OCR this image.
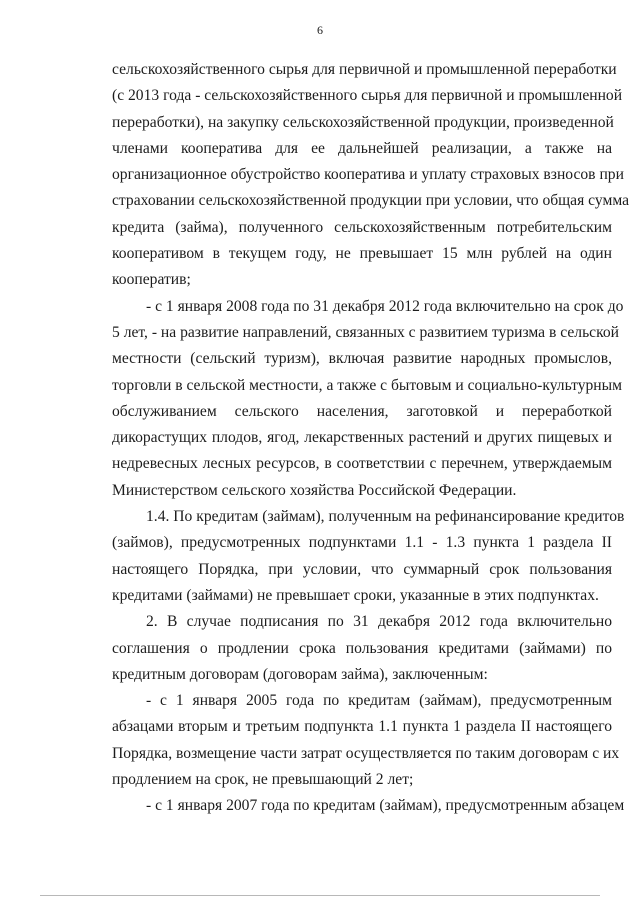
6
сельскохозяйственного сырья для первичной и промышленной переработки
(с 2013 года - сельскохозяйственного сырья для первичной и промышленной
переработки), на закупку сельскохозяйственной продукции, произведенной
членами кооператива для ее дальнейшей реализации, а также на
организационное обустройство кооператива и уплату страховых взносов при
страховании сельскохозяйственной продукции при условии, что общая сумма
кредита (займа), полученного сельскохозяйственным потребительским
кооперативом в текущем году, не превышает 15 млн рублей на один
кооператив;
- с 1 января 2008 года по 31 декабря 2012 года включительно на срок до
5 лет, - на развитие направлений, связанных с развитием туризма в сельской
местности (сельский туризм), включая развитие народных промыслов,
торговли в сельской местности, а также с бытовым и социально-культурным
обслуживанием сельского населения, заготовкой и переработкой
дикорастущих плодов, ягод, лекарственных растений и других пищевых и
недревесных лесных ресурсов, в соответствии с перечнем, утверждаемым
Министерством сельского хозяйства Российской Федерации.
1.4. По кредитам (займам), полученным на рефинансирование кредитов
(займов), предусмотренных подпунктами 1.1 - 1.3 пункта 1 раздела II
настоящего Порядка, при условии, что суммарный срок пользования
кредитами (займами) не превышает сроки, указанные в этих подпунктах.
2. В случае подписания по 31 декабря 2012 года включительно
соглашения о продлении срока пользования кредитами (займами) по
кредитным договорам (договорам займа), заключенным:
- с 1 января 2005 года по кредитам (займам), предусмотренным
абзацами вторым и третьим подпункта 1.1 пункта 1 раздела II настоящего
Порядка, возмещение части затрат осуществляется по таким договорам с их
продлением на срок, не превышающий 2 лет;
- с 1 января 2007 года по кредитам (займам), предусмотренным абзацем
